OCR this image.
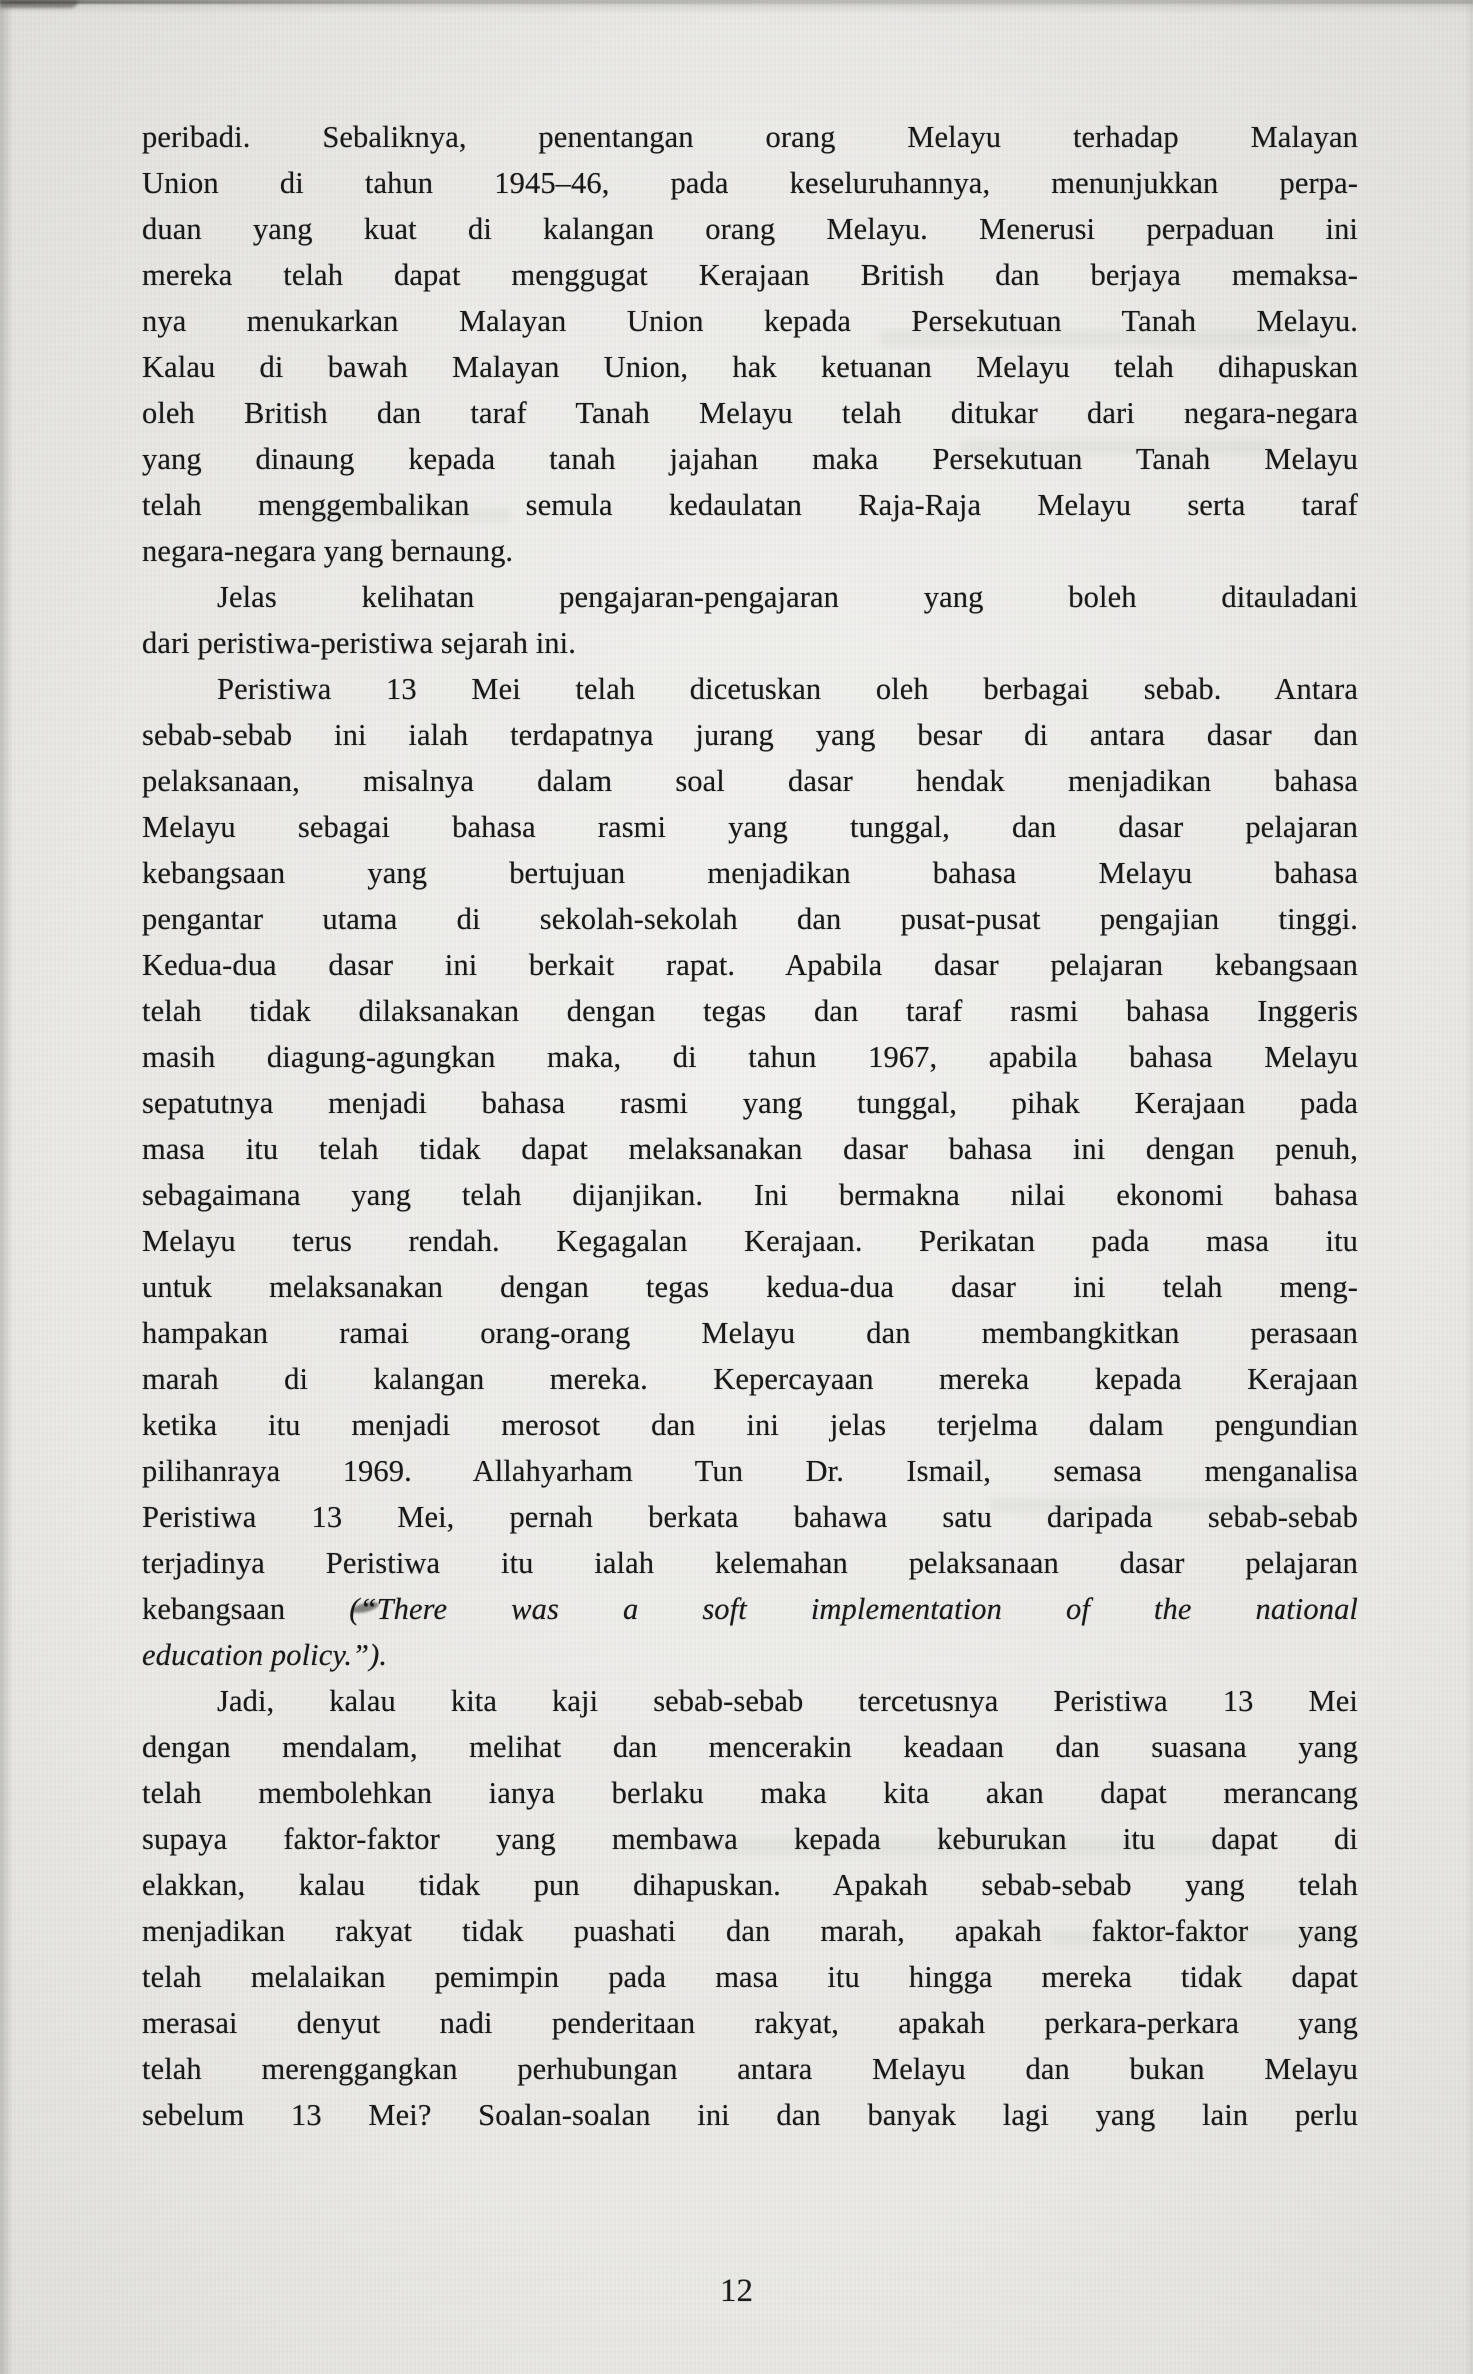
peribadi. Sebaliknya, penentangan orang Melayu terhadap Malayan
Union di tahun 1945–46, pada keseluruhannya, menunjukkan perpa-
duan yang kuat di kalangan orang Melayu. Menerusi perpaduan ini
mereka telah dapat menggugat Kerajaan British dan berjaya memaksa-
nya menukarkan Malayan Union kepada Persekutuan Tanah Melayu.
Kalau di bawah Malayan Union, hak ketuanan Melayu telah dihapuskan
oleh British dan taraf Tanah Melayu telah ditukar dari negara-negara
yang dinaung kepada tanah jajahan maka Persekutuan Tanah Melayu
telah menggembalikan semula kedaulatan Raja-Raja Melayu serta taraf
negara-negara yang bernaung.
Jelas kelihatan pengajaran-pengajaran yang boleh ditauladani
dari peristiwa-peristiwa sejarah ini.
Peristiwa 13 Mei telah dicetuskan oleh berbagai sebab. Antara
sebab-sebab ini ialah terdapatnya jurang yang besar di antara dasar dan
pelaksanaan, misalnya dalam soal dasar hendak menjadikan bahasa
Melayu sebagai bahasa rasmi yang tunggal, dan dasar pelajaran
kebangsaan yang bertujuan menjadikan bahasa Melayu bahasa
pengantar utama di sekolah-sekolah dan pusat-pusat pengajian tinggi.
Kedua-dua dasar ini berkait rapat. Apabila dasar pelajaran kebangsaan
telah tidak dilaksanakan dengan tegas dan taraf rasmi bahasa Inggeris
masih diagung-agungkan maka, di tahun 1967, apabila bahasa Melayu
sepatutnya menjadi bahasa rasmi yang tunggal, pihak Kerajaan pada
masa itu telah tidak dapat melaksanakan dasar bahasa ini dengan penuh,
sebagaimana yang telah dijanjikan. Ini bermakna nilai ekonomi bahasa
Melayu terus rendah. Kegagalan Kerajaan. Perikatan pada masa itu
untuk melaksanakan dengan tegas kedua-dua dasar ini telah meng-
hampakan ramai orang-orang Melayu dan membangkitkan perasaan
marah di kalangan mereka. Kepercayaan mereka kepada Kerajaan
ketika itu menjadi merosot dan ini jelas terjelma dalam pengundian
pilihanraya 1969. Allahyarham Tun Dr. Ismail, semasa menganalisa
Peristiwa 13 Mei, pernah berkata bahawa satu daripada sebab-sebab
terjadinya Peristiwa itu ialah kelemahan pelaksanaan dasar pelajaran
kebangsaan (“There was a soft implementation of the national
education policy.”).
Jadi, kalau kita kaji sebab-sebab tercetusnya Peristiwa 13 Mei
dengan mendalam, melihat dan mencerakin keadaan dan suasana yang
telah membolehkan ianya berlaku maka kita akan dapat merancang
supaya faktor-faktor yang membawa kepada keburukan itu dapat di
elakkan, kalau tidak pun dihapuskan. Apakah sebab-sebab yang telah
menjadikan rakyat tidak puashati dan marah, apakah faktor-faktor yang
telah melalaikan pemimpin pada masa itu hingga mereka tidak dapat
merasai denyut nadi penderitaan rakyat, apakah perkara-perkara yang
telah merenggangkan perhubungan antara Melayu dan bukan Melayu
sebelum 13 Mei? Soalan-soalan ini dan banyak lagi yang lain perlu
12
